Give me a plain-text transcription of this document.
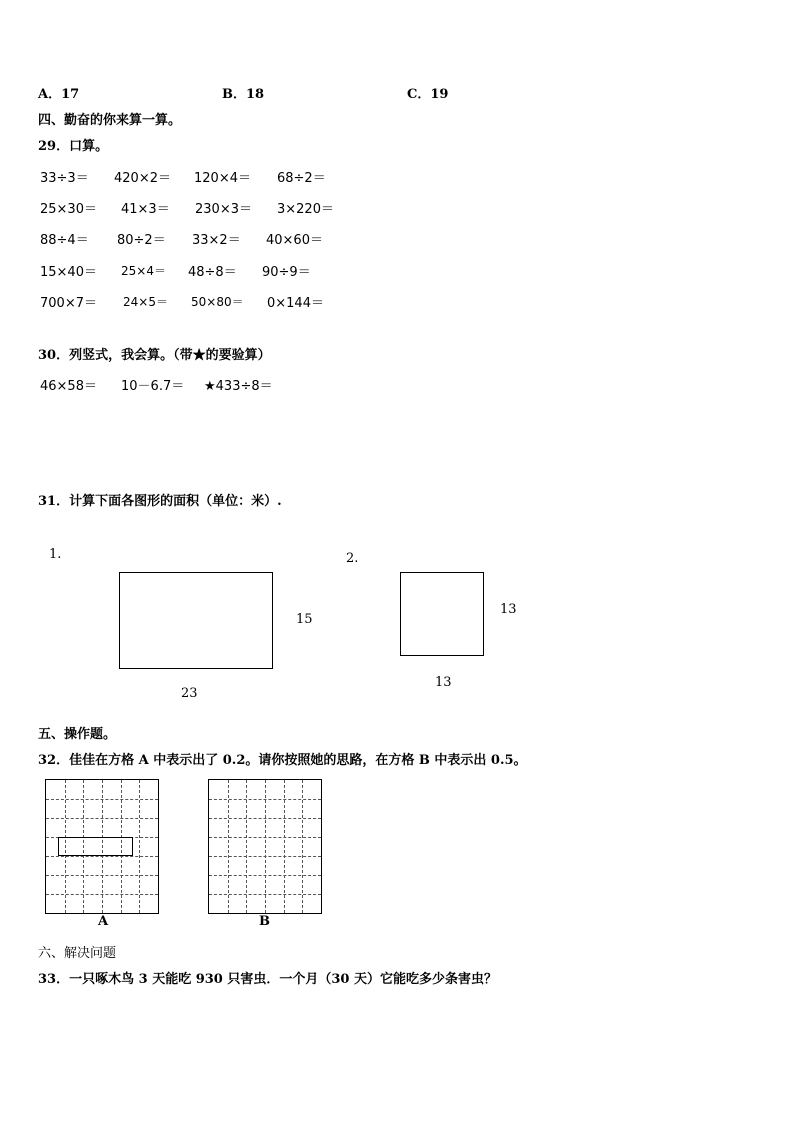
A．17	B．18	C．19
四、勤奋的你来算一算。
29．口算。
33÷3＝ 420×2＝ 120×4＝ 68÷2＝
25×30＝ 41×3＝ 230×3＝ 3×220＝
88÷4＝ 80÷2＝ 33×2＝ 40×60＝
15×40＝ 25×4＝ 48÷8＝ 90÷9＝
700×7＝ 24×5＝ 50×80＝ 0×144＝
30．列竖式，我会算。（带★的要验算）
46×58＝ 10－6.7＝ ★433÷8＝
31．计算下面各图形的面积（单位：米）.
1.
15
23
2.
13
13
五、操作题。
32．佳佳在方格 A 中表示出了 0.2。请你按照她的思路，在方格 B 中表示出 0.5。
A	B
六、解决问题
33．一只啄木鸟 3 天能吃 930 只害虫．一个月（30 天）它能吃多少条害虫？
